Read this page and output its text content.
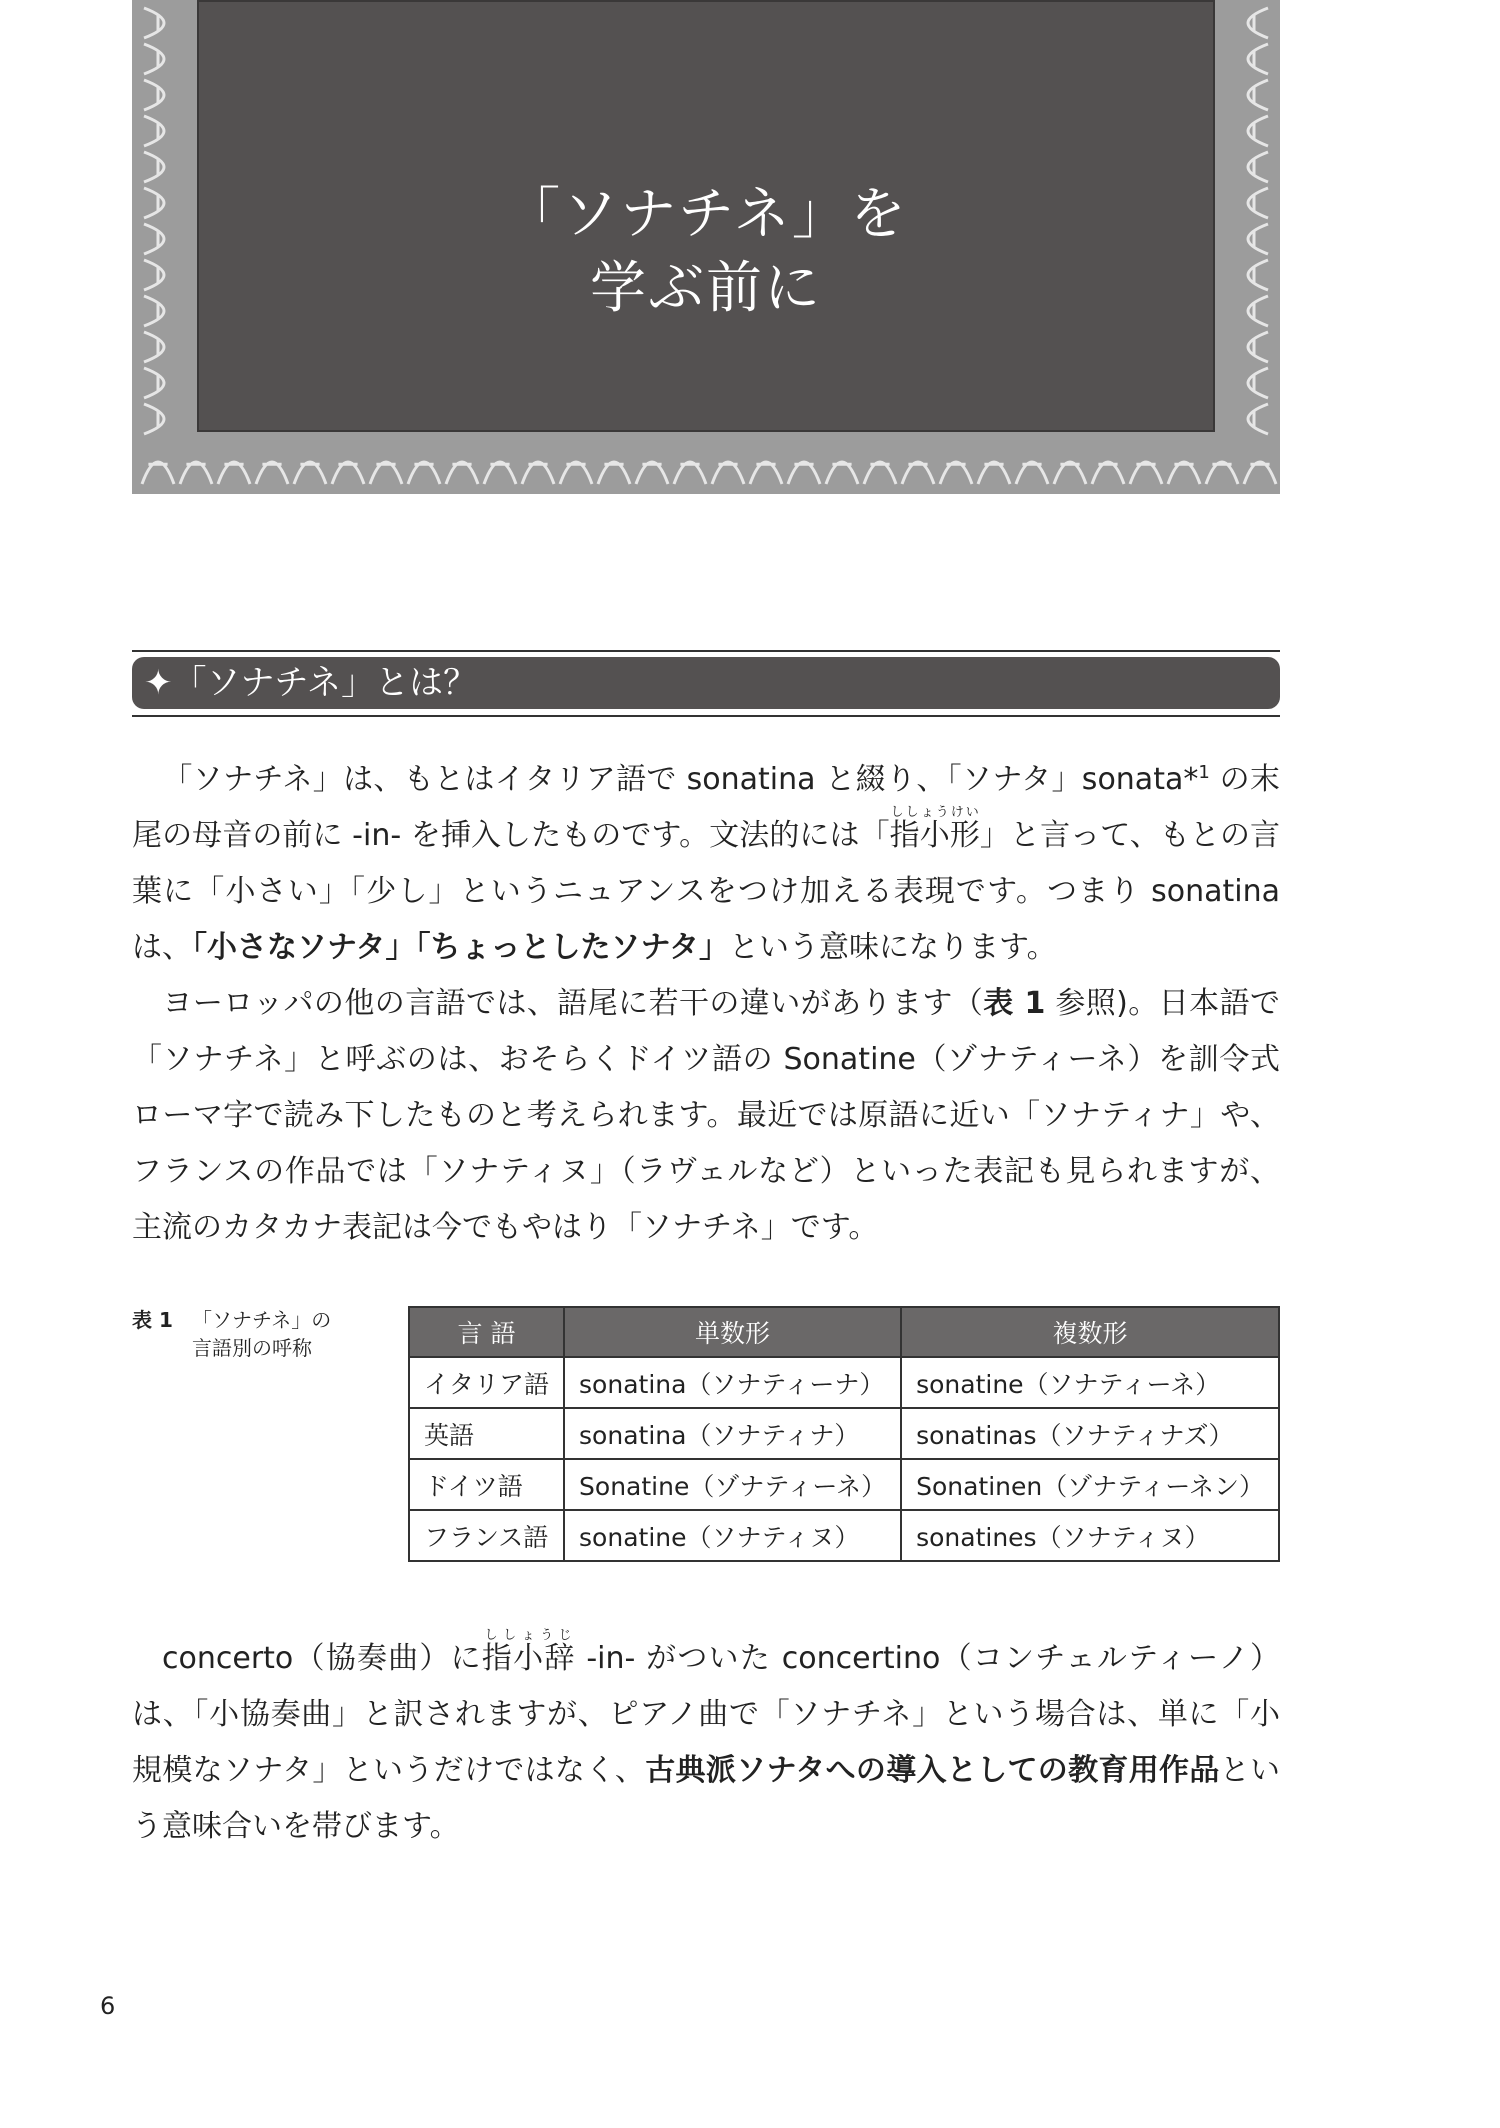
「ソナチネ」を
学ぶ前に
✦「ソナチネ」とは？

「ソナチネ」は、もとはイタリア語で sonatina と綴り、「ソナタ」sonata*$^1$ の末尾の母音の前に -in- を挿入したものです。文法的には「指小形ししょうけい」と言って、もとの言葉に「小さい」「少し」というニュアンスをつけ加える表現です。つまり sonatina は、「小さなソナタ」「ちょっとしたソナタ」という意味になります。

ヨーロッパの他の言語では、語尾に若干の違いがあります（表 1 参照)。日本語で「ソナチネ」と呼ぶのは、おそらくドイツ語の Sonatine（ゾナティーネ）を訓令式ローマ字で読み下したものと考えられます。最近では原語に近い「ソナティナ」や、フランスの作品では「ソナティヌ」（ラヴェルなど）といった表記も見られますが、主流のカタカナ表記は今でもやはり「ソナチネ」です。

表 1 「ソナチネ」の言語別の呼称	言 語	単数形	複数形
イタリア語	sonatina（ソナティーナ）	sonatine（ソナティーネ）
英語	sonatina（ソナティナ）	sonatinas（ソナティナズ）
ドイツ語	Sonatine（ゾナティーネ）	Sonatinen（ゾナティーネン）
フランス語	sonatine（ソナティヌ）	sonatines（ソナティヌ）

concerto（協奏曲）に指小辞ししょうじ -in- がついた concertino（コンチェルティーノ）は、「小協奏曲」と訳されますが、ピアノ曲で「ソナチネ」という場合は、単に「小規模なソナタ」というだけではなく、古典派ソナタへの導入としての教育用作品という意味合いを帯びます。

6
